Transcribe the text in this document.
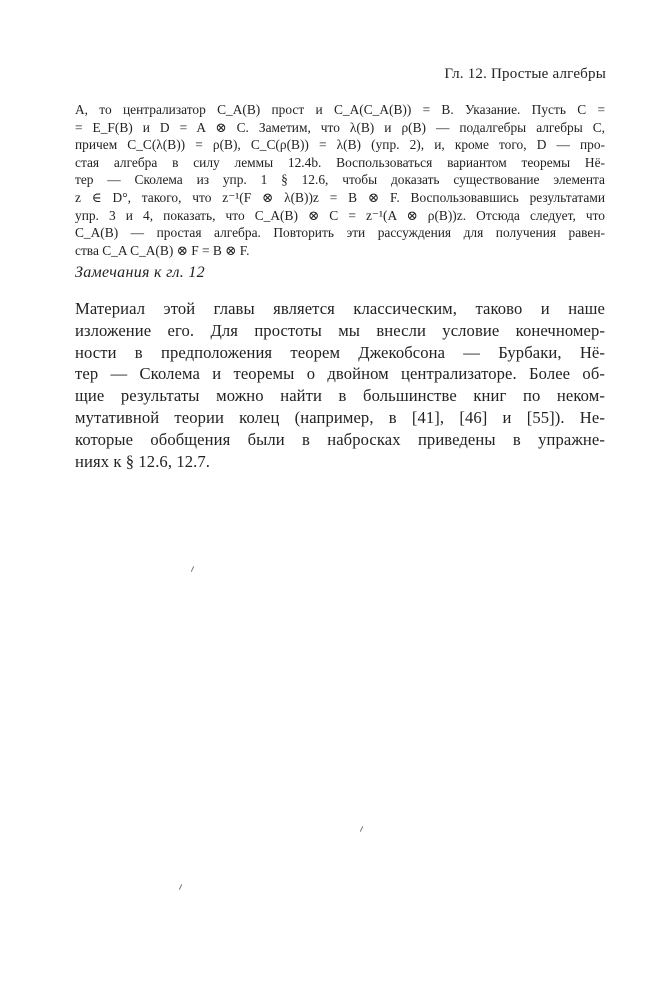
Гл. 12. Простые алгебры
A, то централизатор C_A(B) прост и C_A(C_A(B)) = B. Указание. Пусть C =
= E_F(B) и D = A ⊗ C. Заметим, что λ(B) и ρ(B) — подалгебры алгебры C,
причем C_C(λ(B)) = ρ(B), C_C(ρ(B)) = λ(B) (упр. 2), и, кроме того, D — про-
стая алгебра в силу леммы 12.4b. Воспользоваться вариантом теоремы Нё-
тер — Сколема из упр. 1 § 12.6, чтобы доказать существование элемента
z ∈ D°, такого, что z⁻¹(F ⊗ λ(B))z = B ⊗ F. Воспользовавшись результатами
упр. 3 и 4, показать, что C_A(B) ⊗ C = z⁻¹(A ⊗ ρ(B))z. Отсюда следует, что
C_A(B) — простая алгебра. Повторить эти рассуждения для получения равен-
ства C_A C_A(B) ⊗ F = B ⊗ F.
Замечания к гл. 12
Материал этой главы является классическим, таково и наше
изложение его. Для простоты мы внесли условие конечномер-
ности в предположения теорем Джекобсона — Бурбаки, Нё-
тер — Сколема и теоремы о двойном централизаторе. Более об-
щие результаты можно найти в большинстве книг по неком-
мутативной теории колец (например, в [41], [46] и [55]). Не-
которые обобщения были в набросках приведены в упражне-
ниях к § 12.6, 12.7.
